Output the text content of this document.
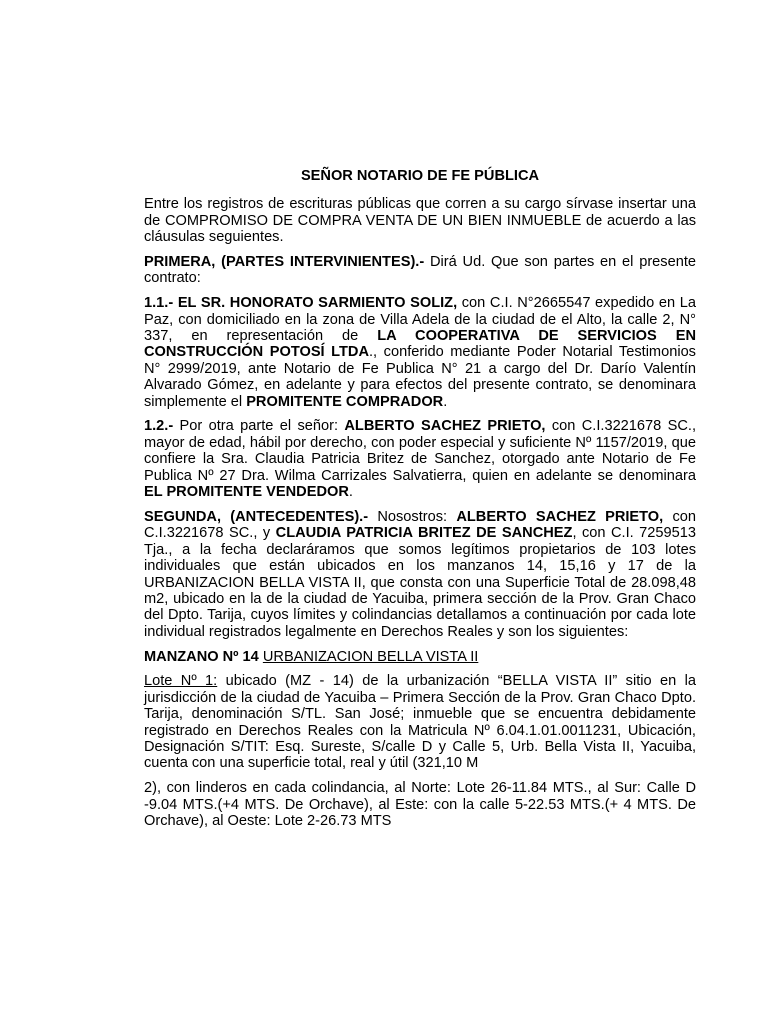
SEÑOR NOTARIO DE FE PÚBLICA

Entre los registros de escrituras públicas que corren a su cargo sírvase insertar una de COMPROMISO DE COMPRA VENTA DE UN BIEN INMUEBLE de acuerdo a las cláusulas seguientes.

PRIMERA, (PARTES INTERVINIENTES).- Dirá Ud. Que son partes en el presente contrato:

1.1.- EL SR. HONORATO SARMIENTO SOLIZ, con C.I. N°2665547 expedido en La Paz, con domiciliado en la zona de Villa Adela de la ciudad de el Alto, la calle 2, N° 337, en representación de LA COOPERATIVA DE SERVICIOS EN CONSTRUCCIÓN POTOSÍ LTDA., conferido mediante Poder Notarial Testimonios N° 2999/2019, ante Notario de Fe Publica N° 21 a cargo del Dr. Darío Valentín Alvarado Gómez, en adelante y para efectos del presente contrato, se denominara simplemente el PROMITENTE COMPRADOR.

1.2.- Por otra parte el señor: ALBERTO SACHEZ PRIETO, con C.I.3221678 SC., mayor de edad, hábil por derecho, con poder especial y suficiente Nº 1157/2019, que confiere la Sra. Claudia Patricia Britez de Sanchez, otorgado ante Notario de Fe Publica Nº 27 Dra. Wilma Carrizales Salvatierra, quien en adelante se denominara EL PROMITENTE VENDEDOR.

SEGUNDA, (ANTECEDENTES).- Nosostros: ALBERTO SACHEZ PRIETO, con C.I.3221678 SC., y CLAUDIA PATRICIA BRITEZ DE SANCHEZ, con C.I. 7259513 Tja., a la fecha declaráramos que somos legítimos propietarios de 103 lotes individuales que están ubicados en los manzanos 14, 15,16 y 17 de la URBANIZACION BELLA VISTA II, que consta con una Superficie Total de 28.098,48 m2, ubicado en la de la ciudad de Yacuiba, primera sección de la Prov. Gran Chaco del Dpto. Tarija, cuyos límites y colindancias detallamos a continuación por cada lote individual registrados legalmente en Derechos Reales y son los siguientes:

MANZANO Nº 14 URBANIZACION BELLA VISTA II

Lote Nº 1: ubicado (MZ - 14) de la urbanización “BELLA VISTA II” sitio en la jurisdicción de la ciudad de Yacuiba – Primera Sección de la Prov. Gran Chaco Dpto. Tarija, denominación S/TL. San José; inmueble que se encuentra debidamente registrado en Derechos Reales con la Matricula Nº 6.04.1.01.0011231, Ubicación, Designación S/TIT: Esq. Sureste, S/calle D y Calle 5, Urb. Bella Vista II, Yacuiba, cuenta con una superficie total, real y útil (321,10 M

2), con linderos en cada colindancia, al Norte: Lote 26-11.84 MTS., al Sur: Calle D -9.04 MTS.(+4 MTS. De Orchave), al Este: con la calle 5-22.53 MTS.(+ 4 MTS. De Orchave), al Oeste: Lote 2-26.73 MTS
